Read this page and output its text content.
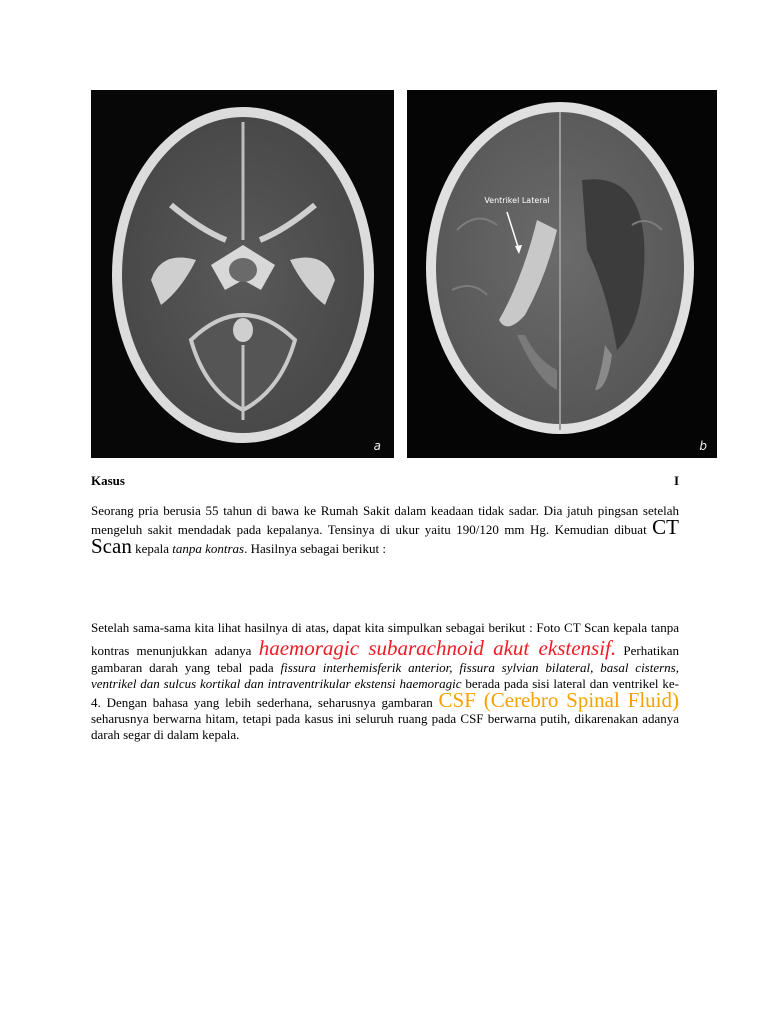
a
Ventrikel Lateral
b
Kasus	I
Seorang pria berusia 55 tahun di bawa ke Rumah Sakit dalam keadaan tidak sadar. Dia jatuh pingsan setelah mengeluh sakit mendadak pada kepalanya. Tensinya di ukur yaitu 190/120 mm Hg. Kemudian dibuat CT Scan kepala tanpa kontras. Hasilnya sebagai berikut :
Setelah sama-sama kita lihat hasilnya di atas, dapat kita simpulkan sebagai berikut : Foto CT Scan kepala tanpa kontras menunjukkan adanya haemoragic subarachnoid akut ekstensif. Perhatikan gambaran darah yang tebal pada fissura interhemisferik anterior, fissura sylvian bilateral, basal cisterns, ventrikel dan sulcus kortikal dan intraventrikular ekstensi haemoragic berada pada sisi lateral dan ventrikel ke-4. Dengan bahasa yang lebih sederhana, seharusnya gambaran CSF (Cerebro Spinal Fluid) seharusnya berwarna hitam, tetapi pada kasus ini seluruh ruang pada CSF berwarna putih, dikarenakan adanya darah segar di dalam kepala.
